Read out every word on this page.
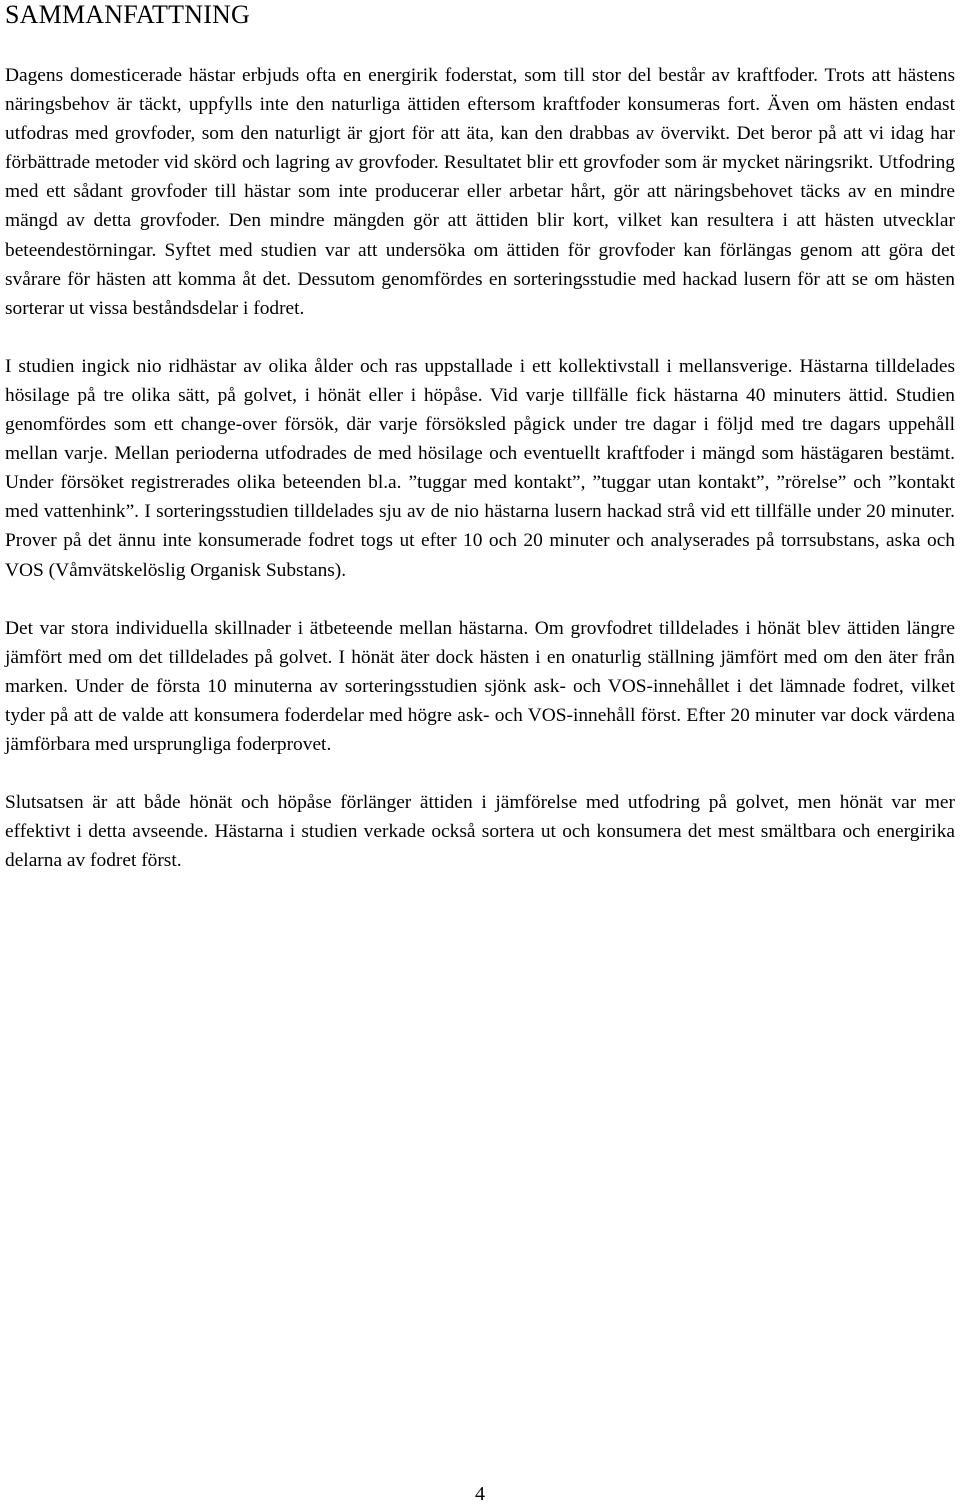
SAMMANFATTNING

Dagens domesticerade hästar erbjuds ofta en energirik foderstat, som till stor del består av kraftfoder. Trots att hästens näringsbehov är täckt, uppfylls inte den naturliga ättiden eftersom kraftfoder konsumeras fort. Även om hästen endast utfodras med grovfoder, som den naturligt är gjort för att äta, kan den drabbas av övervikt. Det beror på att vi idag har förbättrade metoder vid skörd och lagring av grovfoder. Resultatet blir ett grovfoder som är mycket näringsrikt. Utfodring med ett sådant grovfoder till hästar som inte producerar eller arbetar hårt, gör att näringsbehovet täcks av en mindre mängd av detta grovfoder. Den mindre mängden gör att ättiden blir kort, vilket kan resultera i att hästen utvecklar beteendestörningar. Syftet med studien var att undersöka om ättiden för grovfoder kan förlängas genom att göra det svårare för hästen att komma åt det. Dessutom genomfördes en sorteringsstudie med hackad lusern för att se om hästen sorterar ut vissa beståndsdelar i fodret.

I studien ingick nio ridhästar av olika ålder och ras uppstallade i ett kollektivstall i mellansverige. Hästarna tilldelades hösilage på tre olika sätt, på golvet, i hönät eller i höpåse. Vid varje tillfälle fick hästarna 40 minuters ättid. Studien genomfördes som ett change-over försök, där varje försöksled pågick under tre dagar i följd med tre dagars uppehåll mellan varje. Mellan perioderna utfodrades de med hösilage och eventuellt kraftfoder i mängd som hästägaren bestämt. Under försöket registrerades olika beteenden bl.a. ”tuggar med kontakt”, ”tuggar utan kontakt”, ”rörelse” och ”kontakt med vattenhink”. I sorteringsstudien tilldelades sju av de nio hästarna lusern hackad strå vid ett tillfälle under 20 minuter. Prover på det ännu inte konsumerade fodret togs ut efter 10 och 20 minuter och analyserades på torrsubstans, aska och VOS (Våmvätskelöslig Organisk Substans).

Det var stora individuella skillnader i ätbeteende mellan hästarna. Om grovfodret tilldelades i hönät blev ättiden längre jämfört med om det tilldelades på golvet. I hönät äter dock hästen i en onaturlig ställning jämfört med om den äter från marken. Under de första 10 minuterna av sorteringsstudien sjönk ask- och VOS-innehållet i det lämnade fodret, vilket tyder på att de valde att konsumera foderdelar med högre ask- och VOS-innehåll först. Efter 20 minuter var dock värdena jämförbara med ursprungliga foderprovet.

Slutsatsen är att både hönät och höpåse förlänger ättiden i jämförelse med utfodring på golvet, men hönät var mer effektivt i detta avseende. Hästarna i studien verkade också sortera ut och konsumera det mest smältbara och energirika delarna av fodret först.

4
